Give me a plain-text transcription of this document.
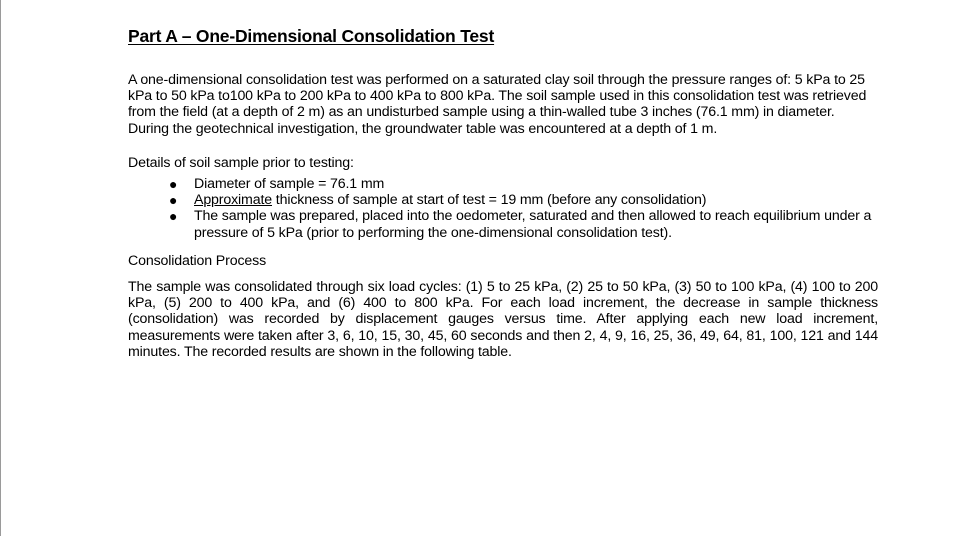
Part A – One-Dimensional Consolidation Test

A one-dimensional consolidation test was performed on a saturated clay soil through the pressure ranges of: 5 kPa to 25 kPa to 50 kPa to100 kPa to 200 kPa to 400 kPa to 800 kPa. The soil sample used in this consolidation test was retrieved from the field (at a depth of 2 m) as an undisturbed sample using a thin-walled tube 3 inches (76.1 mm) in diameter. During the geotechnical investigation, the groundwater table was encountered at a depth of 1 m.

Details of soil sample prior to testing:

● Diameter of sample = 76.1 mm
● Approximate thickness of sample at start of test = 19 mm (before any consolidation)
● The sample was prepared, placed into the oedometer, saturated and then allowed to reach equilibrium under a pressure of 5 kPa (prior to performing the one-dimensional consolidation test).

Consolidation Process

The sample was consolidated through six load cycles: (1) 5 to 25 kPa, (2) 25 to 50 kPa, (3) 50 to 100 kPa, (4) 100 to 200 kPa, (5) 200 to 400 kPa, and (6) 400 to 800 kPa. For each load increment, the decrease in sample thickness (consolidation) was recorded by displacement gauges versus time. After applying each new load increment, measurements were taken after 3, 6, 10, 15, 30, 45, 60 seconds and then 2, 4, 9, 16, 25, 36, 49, 64, 81, 100, 121 and 144 minutes. The recorded results are shown in the following table.
